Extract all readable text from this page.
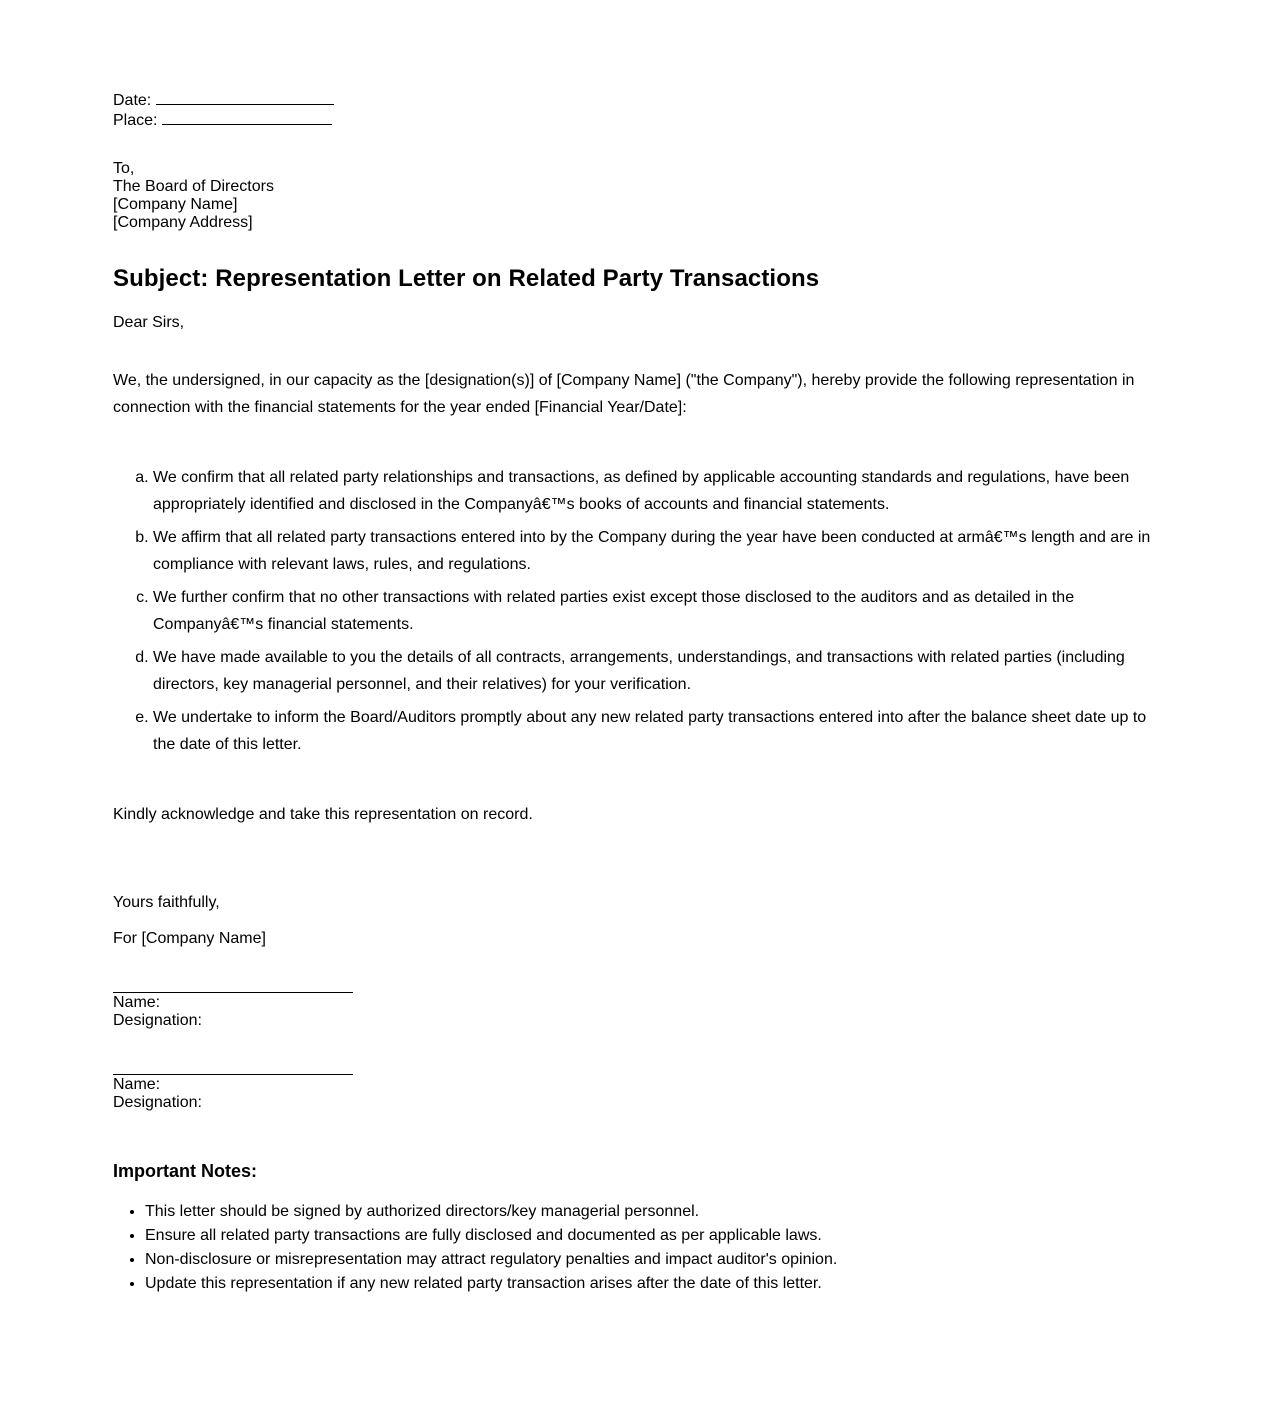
Date:

Place:

To,

The Board of Directors

[Company Name]

[Company Address]

Subject: Representation Letter on Related Party Transactions

Dear Sirs,

We, the undersigned, in our capacity as the [designation(s)] of [Company Name] ("the Company"), hereby provide the following representation in connection with the financial statements for the year ended [Financial Year/Date]:

a. We confirm that all related party relationships and transactions, as defined by applicable accounting standards and regulations, have been appropriately identified and disclosed in the Companyâ€™s books of accounts and financial statements.
b. We affirm that all related party transactions entered into by the Company during the year have been conducted at armâ€™s length and are in compliance with relevant laws, rules, and regulations.
c. We further confirm that no other transactions with related parties exist except those disclosed to the auditors and as detailed in the Companyâ€™s financial statements.
d. We have made available to you the details of all contracts, arrangements, understandings, and transactions with related parties (including directors, key managerial personnel, and their relatives) for your verification.
e. We undertake to inform the Board/Auditors promptly about any new related party transactions entered into after the balance sheet date up to the date of this letter.

Kindly acknowledge and take this representation on record.

Yours faithfully,

For [Company Name]

Name:

Designation:

Name:

Designation:

Important Notes:
• This letter should be signed by authorized directors/key managerial personnel.
• Ensure all related party transactions are fully disclosed and documented as per applicable laws.
• Non-disclosure or misrepresentation may attract regulatory penalties and impact auditor's opinion.
• Update this representation if any new related party transaction arises after the date of this letter.
